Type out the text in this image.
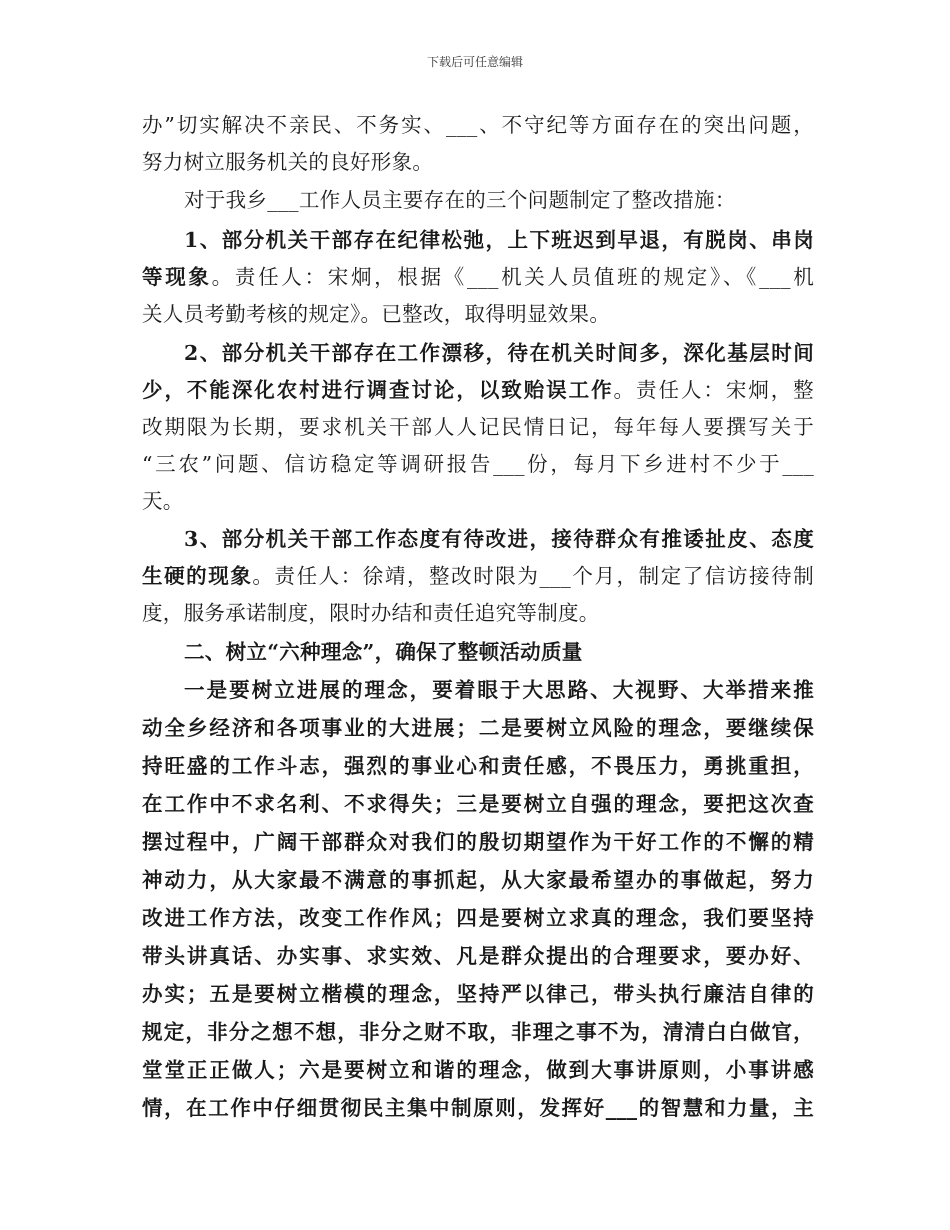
下载后可任意编辑
办”切实解决不亲民、不务实、___、不守纪等方面存在的突出问题，
努力树立服务机关的良好形象。
对于我乡___工作人员主要存在的三个问题制定了整改措施：
1、部分机关干部存在纪律松弛，上下班迟到早退，有脱岗、串岗
等现象。责任人：宋炯，根据《___机关人员值班的规定》、《___机
关人员考勤考核的规定》。已整改，取得明显效果。
2、部分机关干部存在工作漂移，待在机关时间多，深化基层时间
少，不能深化农村进行调查讨论，以致贻误工作。责任人：宋炯，整
改期限为长期，要求机关干部人人记民情日记，每年每人要撰写关于
“三农”问题、信访稳定等调研报告___份，每月下乡进村不少于___
天。
3、部分机关干部工作态度有待改进，接待群众有推诿扯皮、态度
生硬的现象。责任人：徐靖，整改时限为___个月，制定了信访接待制
度，服务承诺制度，限时办结和责任追究等制度。
二、树立“六种理念”，确保了整顿活动质量
一是要树立进展的理念，要着眼于大思路、大视野、大举措来推
动全乡经济和各项事业的大进展；二是要树立风险的理念，要继续保
持旺盛的工作斗志，强烈的事业心和责任感，不畏压力，勇挑重担，
在工作中不求名利、不求得失；三是要树立自强的理念，要把这次查
摆过程中，广阔干部群众对我们的殷切期望作为干好工作的不懈的精
神动力，从大家最不满意的事抓起，从大家最希望办的事做起，努力
改进工作方法，改变工作作风；四是要树立求真的理念，我们要坚持
带头讲真话、办实事、求实效、凡是群众提出的合理要求，要办好、
办实；五是要树立楷模的理念，坚持严以律己，带头执行廉洁自律的
规定，非分之想不想，非分之财不取，非理之事不为，清清白白做官，
堂堂正正做人；六是要树立和谐的理念，做到大事讲原则，小事讲感
情，在工作中仔细贯彻民主集中制原则，发挥好___的智慧和力量，主
